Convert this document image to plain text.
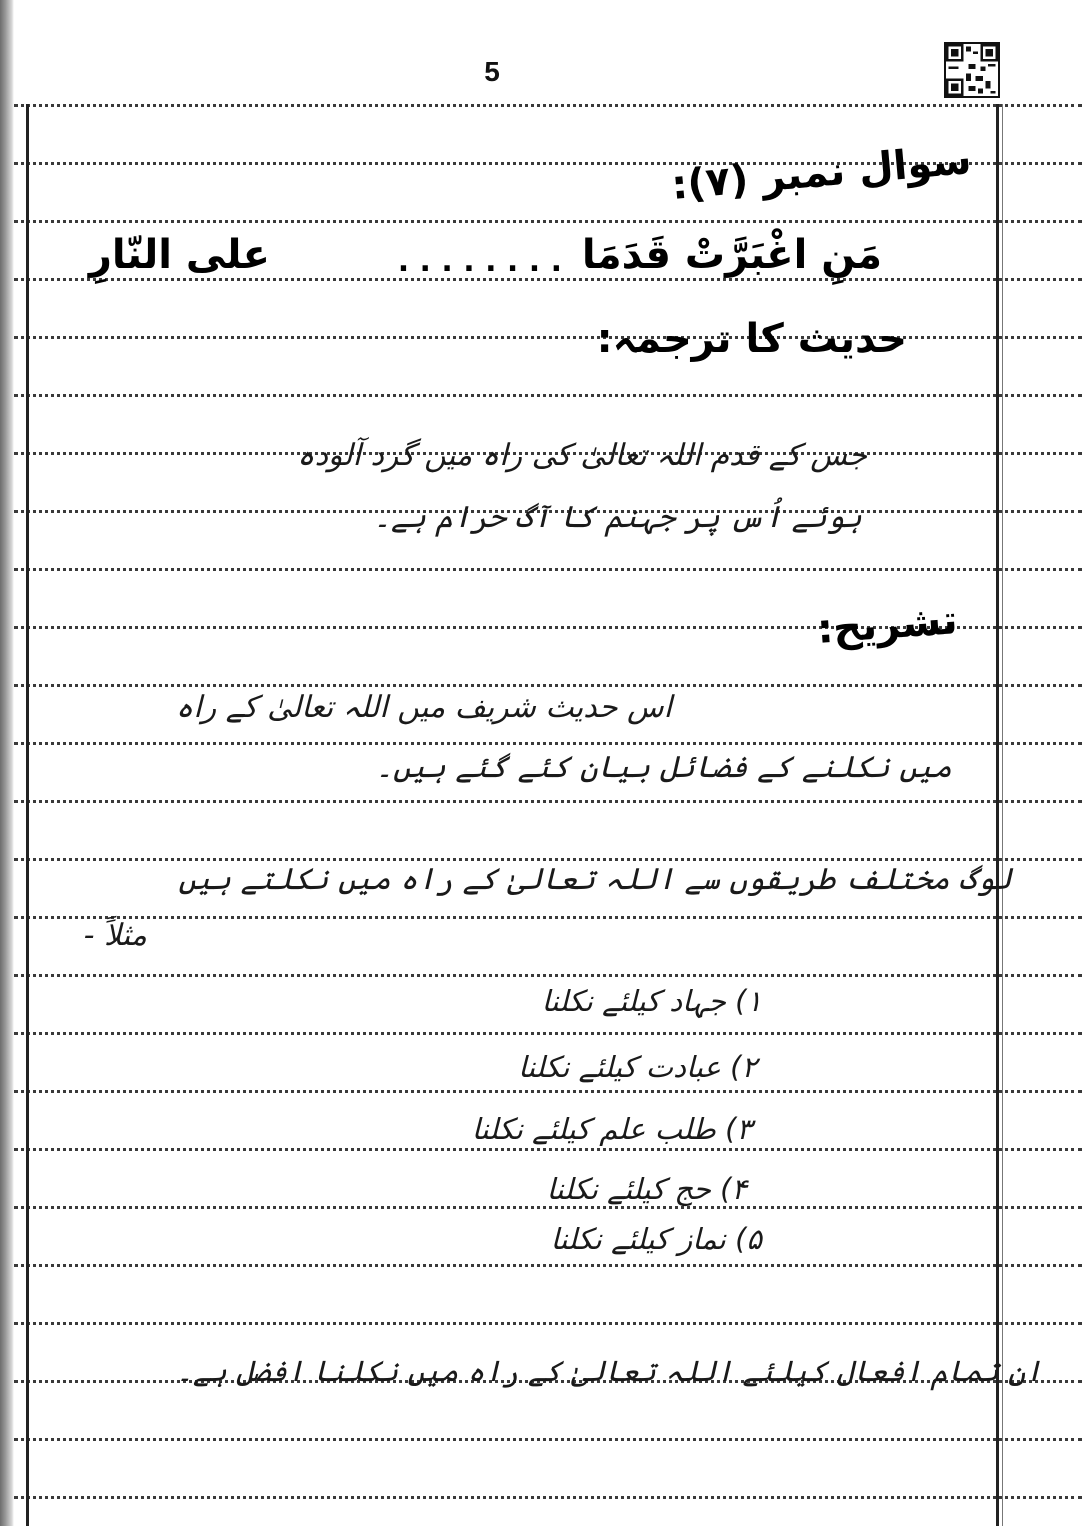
5
سوال نمبر (۷):
مَنِ اغْبَرَّتْ قَدَمَا
. . . . . . . .
علی النّارِ
حدیث کا ترجمہ:
جس کے قدم اللہ تعالیٰ کی راہ میں گرد آلودہ
ہوئے اُس پر جہنم کا آگ حرام ہے۔
تشریح:
اس حدیث شریف میں اللہ تعالیٰ کے راہ
میں نکلنے کے فضائل بیان کئے گئے ہیں۔
لوگ مختلف طریقوں سے اللہ تعالیٰ کے راہ میں نکلتے ہیں
مثلاً -
۱) جہاد کیلئے نکلنا
۲) عبادت کیلئے نکلنا
۳) طلب علم کیلئے نکلنا
۴) حج کیلئے نکلنا
۵) نماز کیلئے نکلنا
ان تمام افعال کیلئے اللہ تعالیٰ کے راہ میں نکلنا افضل ہے۔
